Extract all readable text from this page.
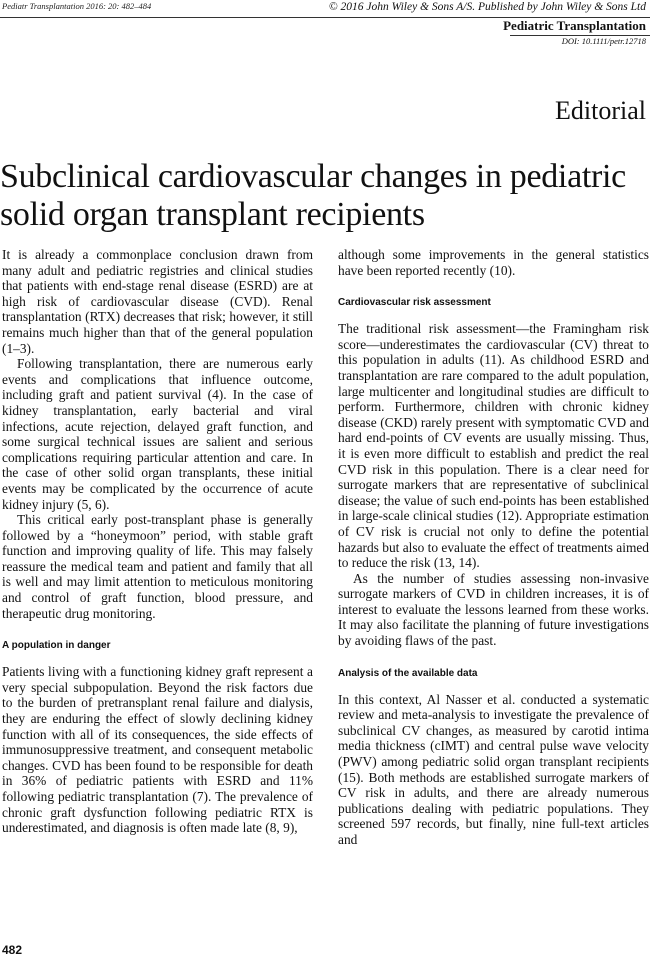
Pediatr Transplantation 2016: 20: 482–484	© 2016 John Wiley & Sons A/S. Published by John Wiley & Sons Ltd
Pediatric Transplantation
DOI: 10.1111/petr.12718
Editorial
Subclinical cardiovascular changes in pediatric solid organ transplant recipients

It is already a commonplace conclusion drawn from many adult and pediatric registries and clinical studies that patients with end-stage renal disease (ESRD) are at high risk of cardiovascular disease (CVD). Renal transplantation (RTX) decreases that risk; however, it still remains much higher than that of the general population (1–3).

Following transplantation, there are numerous early events and complications that influence outcome, including graft and patient survival (4). In the case of kidney transplantation, early bacterial and viral infections, acute rejection, delayed graft function, and some surgical technical issues are salient and serious complications requiring particular attention and care. In the case of other solid organ transplants, these initial events may be complicated by the occurrence of acute kidney injury (5, 6).

This critical early post-transplant phase is generally followed by a “honeymoon” period, with stable graft function and improving quality of life. This may falsely reassure the medical team and patient and family that all is well and may limit attention to meticulous monitoring and control of graft function, blood pressure, and therapeutic drug monitoring.

A population in danger

Patients living with a functioning kidney graft represent a very special subpopulation. Beyond the risk factors due to the burden of pretransplant renal failure and dialysis, they are enduring the effect of slowly declining kidney function with all of its consequences, the side effects of immunosuppressive treatment, and consequent metabolic changes. CVD has been found to be responsible for death in 36% of pediatric patients with ESRD and 11% following pediatric transplantation (7). The prevalence of chronic graft dysfunction following pediatric RTX is underestimated, and diagnosis is often made late (8, 9),

although some improvements in the general statistics have been reported recently (10).

Cardiovascular risk assessment

The traditional risk assessment—the Framingham risk score—underestimates the cardiovascular (CV) threat to this population in adults (11). As childhood ESRD and transplantation are rare compared to the adult population, large multicenter and longitudinal studies are difficult to perform. Furthermore, children with chronic kidney disease (CKD) rarely present with symptomatic CVD and hard end-points of CV events are usually missing. Thus, it is even more difficult to establish and predict the real CVD risk in this population. There is a clear need for surrogate markers that are representative of subclinical disease; the value of such end-points has been established in large-scale clinical studies (12). Appropriate estimation of CV risk is crucial not only to define the potential hazards but also to evaluate the effect of treatments aimed to reduce the risk (13, 14).

As the number of studies assessing non-invasive surrogate markers of CVD in children increases, it is of interest to evaluate the lessons learned from these works. It may also facilitate the planning of future investigations by avoiding flaws of the past.

Analysis of the available data

In this context, Al Nasser et al. conducted a systematic review and meta-analysis to investigate the prevalence of subclinical CV changes, as measured by carotid intima media thickness (cIMT) and central pulse wave velocity (PWV) among pediatric solid organ transplant recipients (15). Both methods are established surrogate markers of CV risk in adults, and there are already numerous publications dealing with pediatric populations. They screened 597 records, but finally, nine full-text articles and

482
